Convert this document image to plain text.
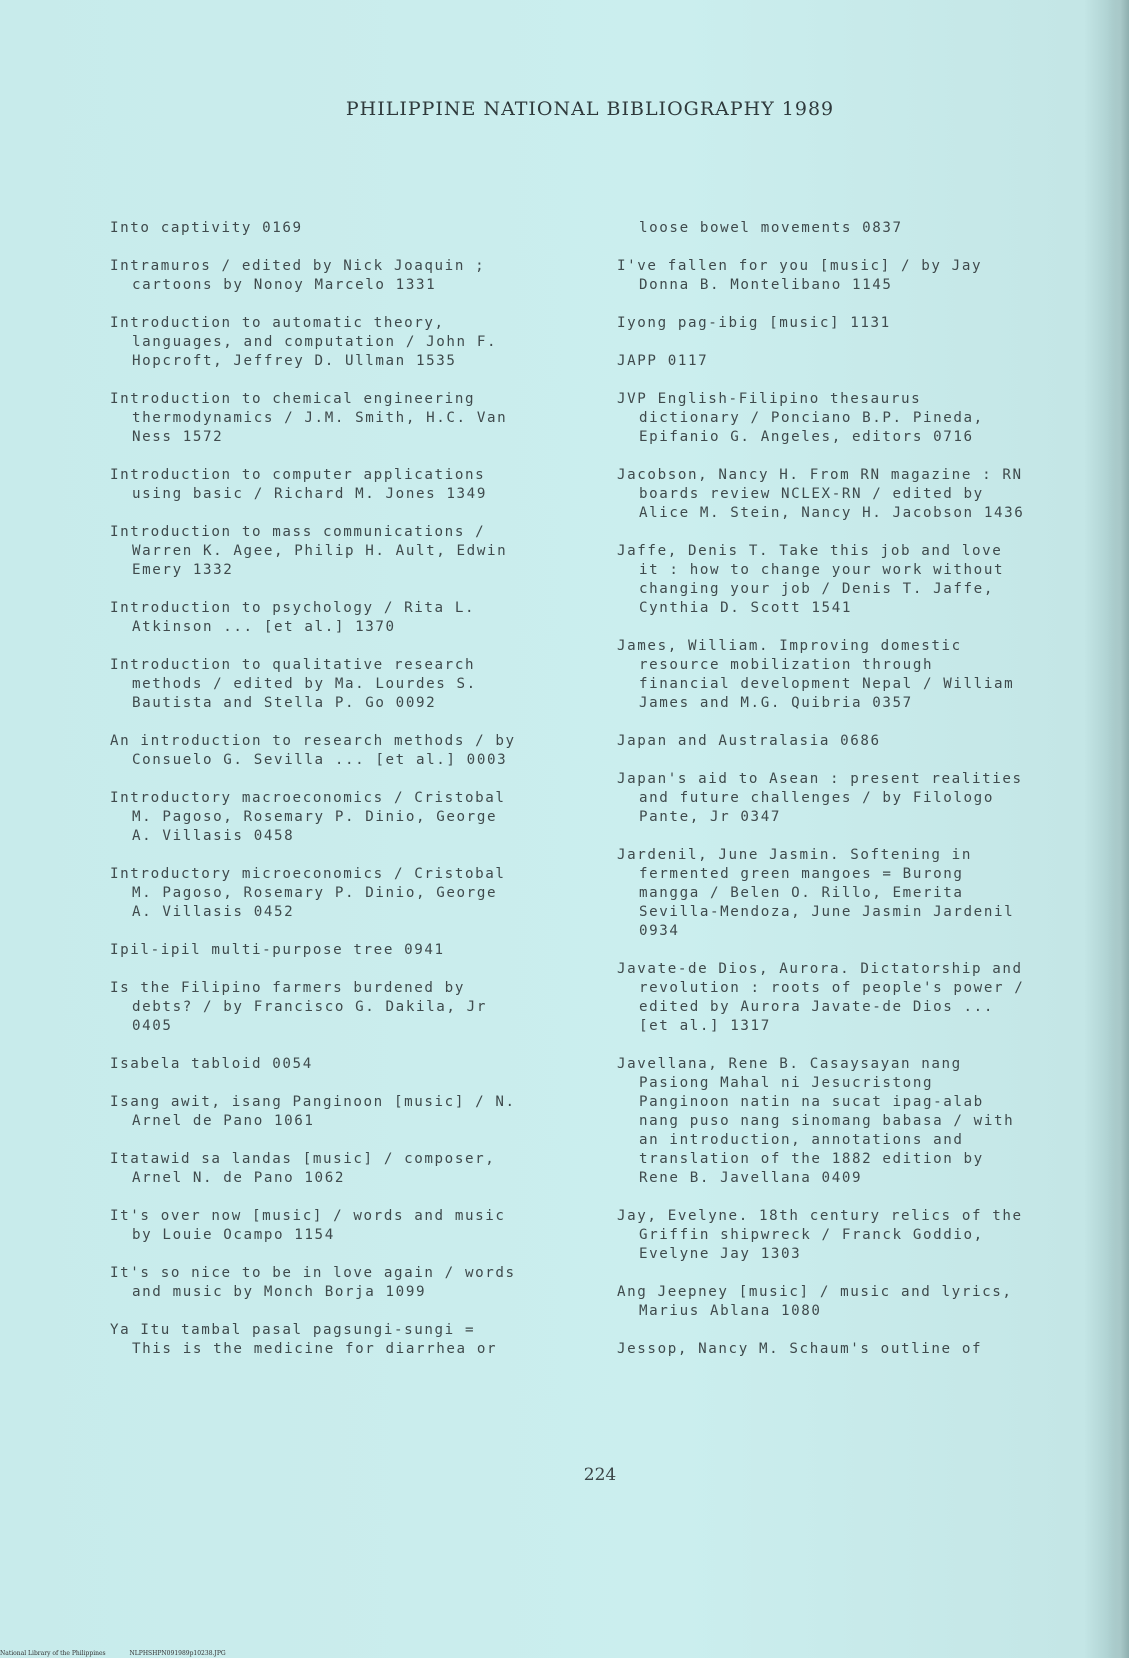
PHILIPPINE NATIONAL BIBLIOGRAPHY 1989
Into captivity 0169
Intramuros / edited by Nick Joaquin ;
cartoons by Nonoy Marcelo 1331
Introduction to automatic theory,
languages, and computation / John F.
Hopcroft, Jeffrey D. Ullman 1535
Introduction to chemical engineering
thermodynamics / J.M. Smith, H.C. Van
Ness 1572
Introduction to computer applications
using basic / Richard M. Jones 1349
Introduction to mass communications /
Warren K. Agee, Philip H. Ault, Edwin
Emery 1332
Introduction to psychology / Rita L.
Atkinson ... [et al.] 1370
Introduction to qualitative research
methods / edited by Ma. Lourdes S.
Bautista and Stella P. Go 0092
An introduction to research methods / by
Consuelo G. Sevilla ... [et al.] 0003
Introductory macroeconomics / Cristobal
M. Pagoso, Rosemary P. Dinio, George
A. Villasis 0458
Introductory microeconomics / Cristobal
M. Pagoso, Rosemary P. Dinio, George
A. Villasis 0452
Ipil-ipil multi-purpose tree 0941
Is the Filipino farmers burdened by
debts? / by Francisco G. Dakila, Jr
0405
Isabela tabloid 0054
Isang awit, isang Panginoon [music] / N.
Arnel de Pano 1061
Itatawid sa landas [music] / composer,
Arnel N. de Pano 1062
It's over now [music] / words and music
by Louie Ocampo 1154
It's so nice to be in love again / words
and music by Monch Borja 1099
Ya Itu tambal pasal pagsungi-sungi =
This is the medicine for diarrhea or
loose bowel movements 0837
I've fallen for you [music] / by Jay
Donna B. Montelibano 1145
Iyong pag-ibig [music] 1131
JAPP 0117
JVP English-Filipino thesaurus
dictionary / Ponciano B.P. Pineda,
Epifanio G. Angeles, editors 0716
Jacobson, Nancy H. From RN magazine : RN
boards review NCLEX-RN / edited by
Alice M. Stein, Nancy H. Jacobson 1436
Jaffe, Denis T. Take this job and love
it : how to change your work without
changing your job / Denis T. Jaffe,
Cynthia D. Scott 1541
James, William. Improving domestic
resource mobilization through
financial development Nepal / William
James and M.G. Quibria 0357
Japan and Australasia 0686
Japan's aid to Asean : present realities
and future challenges / by Filologo
Pante, Jr 0347
Jardenil, June Jasmin. Softening in
fermented green mangoes = Burong
mangga / Belen O. Rillo, Emerita
Sevilla-Mendoza, June Jasmin Jardenil
0934
Javate-de Dios, Aurora. Dictatorship and
revolution : roots of people's power /
edited by Aurora Javate-de Dios ...
[et al.] 1317
Javellana, Rene B. Casaysayan nang
Pasiong Mahal ni Jesucristong
Panginoon natin na sucat ipag-alab
nang puso nang sinomang babasa / with
an introduction, annotations and
translation of the 1882 edition by
Rene B. Javellana 0409
Jay, Evelyne. 18th century relics of the
Griffin shipwreck / Franck Goddio,
Evelyne Jay 1303
Ang Jeepney [music] / music and lyrics,
Marius Ablana 1080
Jessop, Nancy M. Schaum's outline of
224
National Library of the Philippines	NLPHSHPN091989p10238.JPG
